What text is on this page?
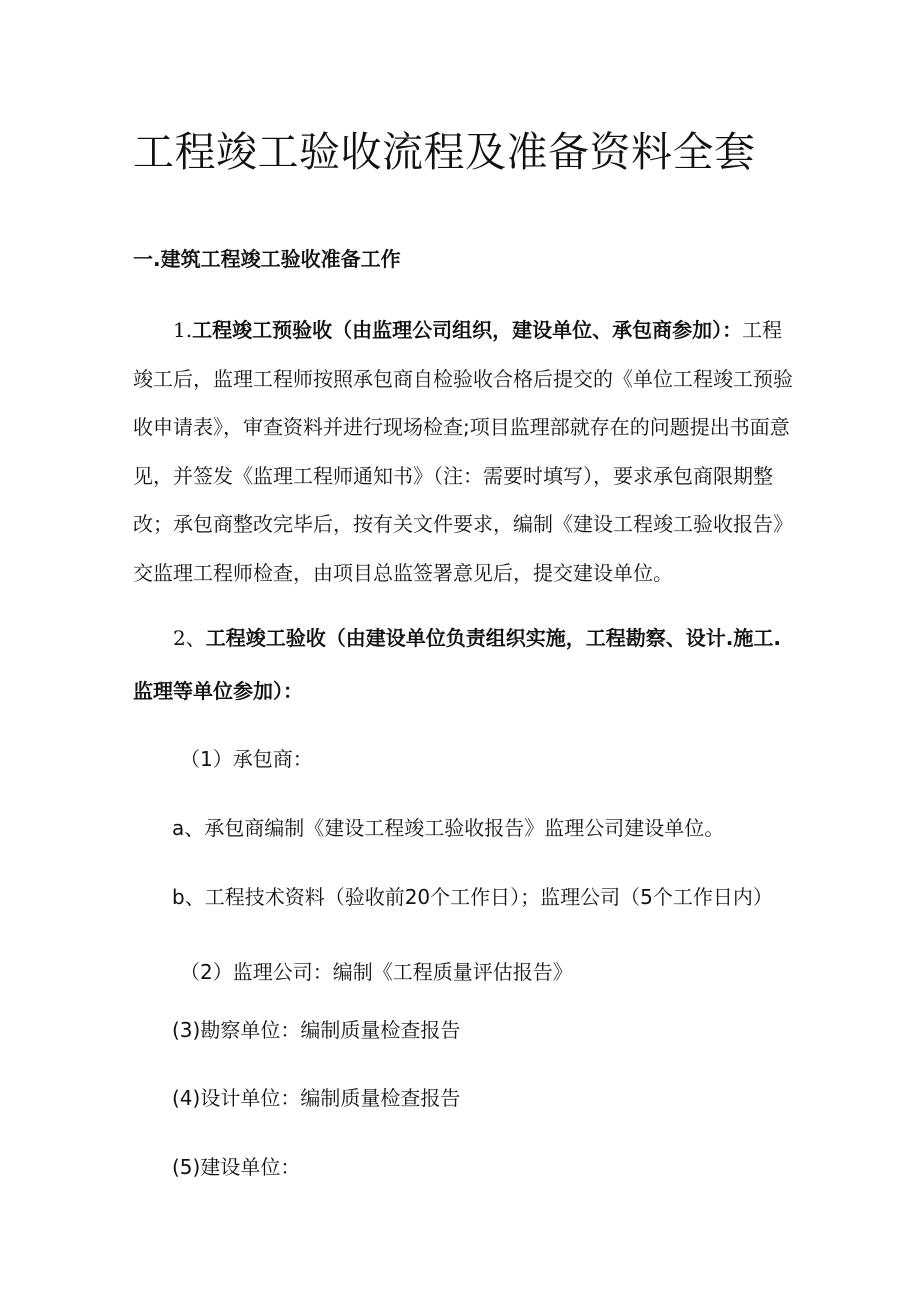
工程竣工验收流程及准备资料全套
一.建筑工程竣工验收准备工作

1.工程竣工预验收（由监理公司组织，建设单位、承包商参加）：工程竣工后，监理工程师按照承包商自检验收合格后提交的《单位工程竣工预验收申请表》，审查资料并进行现场检查;项目监理部就存在的问题提出书面意见，并签发《监理工程师通知书》（注：需要时填写），要求承包商限期整改；承包商整改完毕后，按有关文件要求，编制《建设工程竣工验收报告》交监理工程师检查，由项目总监签署意见后，提交建设单位。

2、工程竣工验收（由建设单位负责组织实施，工程勘察、设计.施工.监理等单位参加）：

（1）承包商：

a、承包商编制《建设工程竣工验收报告》监理公司建设单位。

b、工程技术资料（验收前20个工作日）；监理公司（5个工作日内）

（2）监理公司：编制《工程质量评估报告》

(3)勘察单位：编制质量检查报告

(4)设计单位：编制质量检查报告

(5)建设单位：
